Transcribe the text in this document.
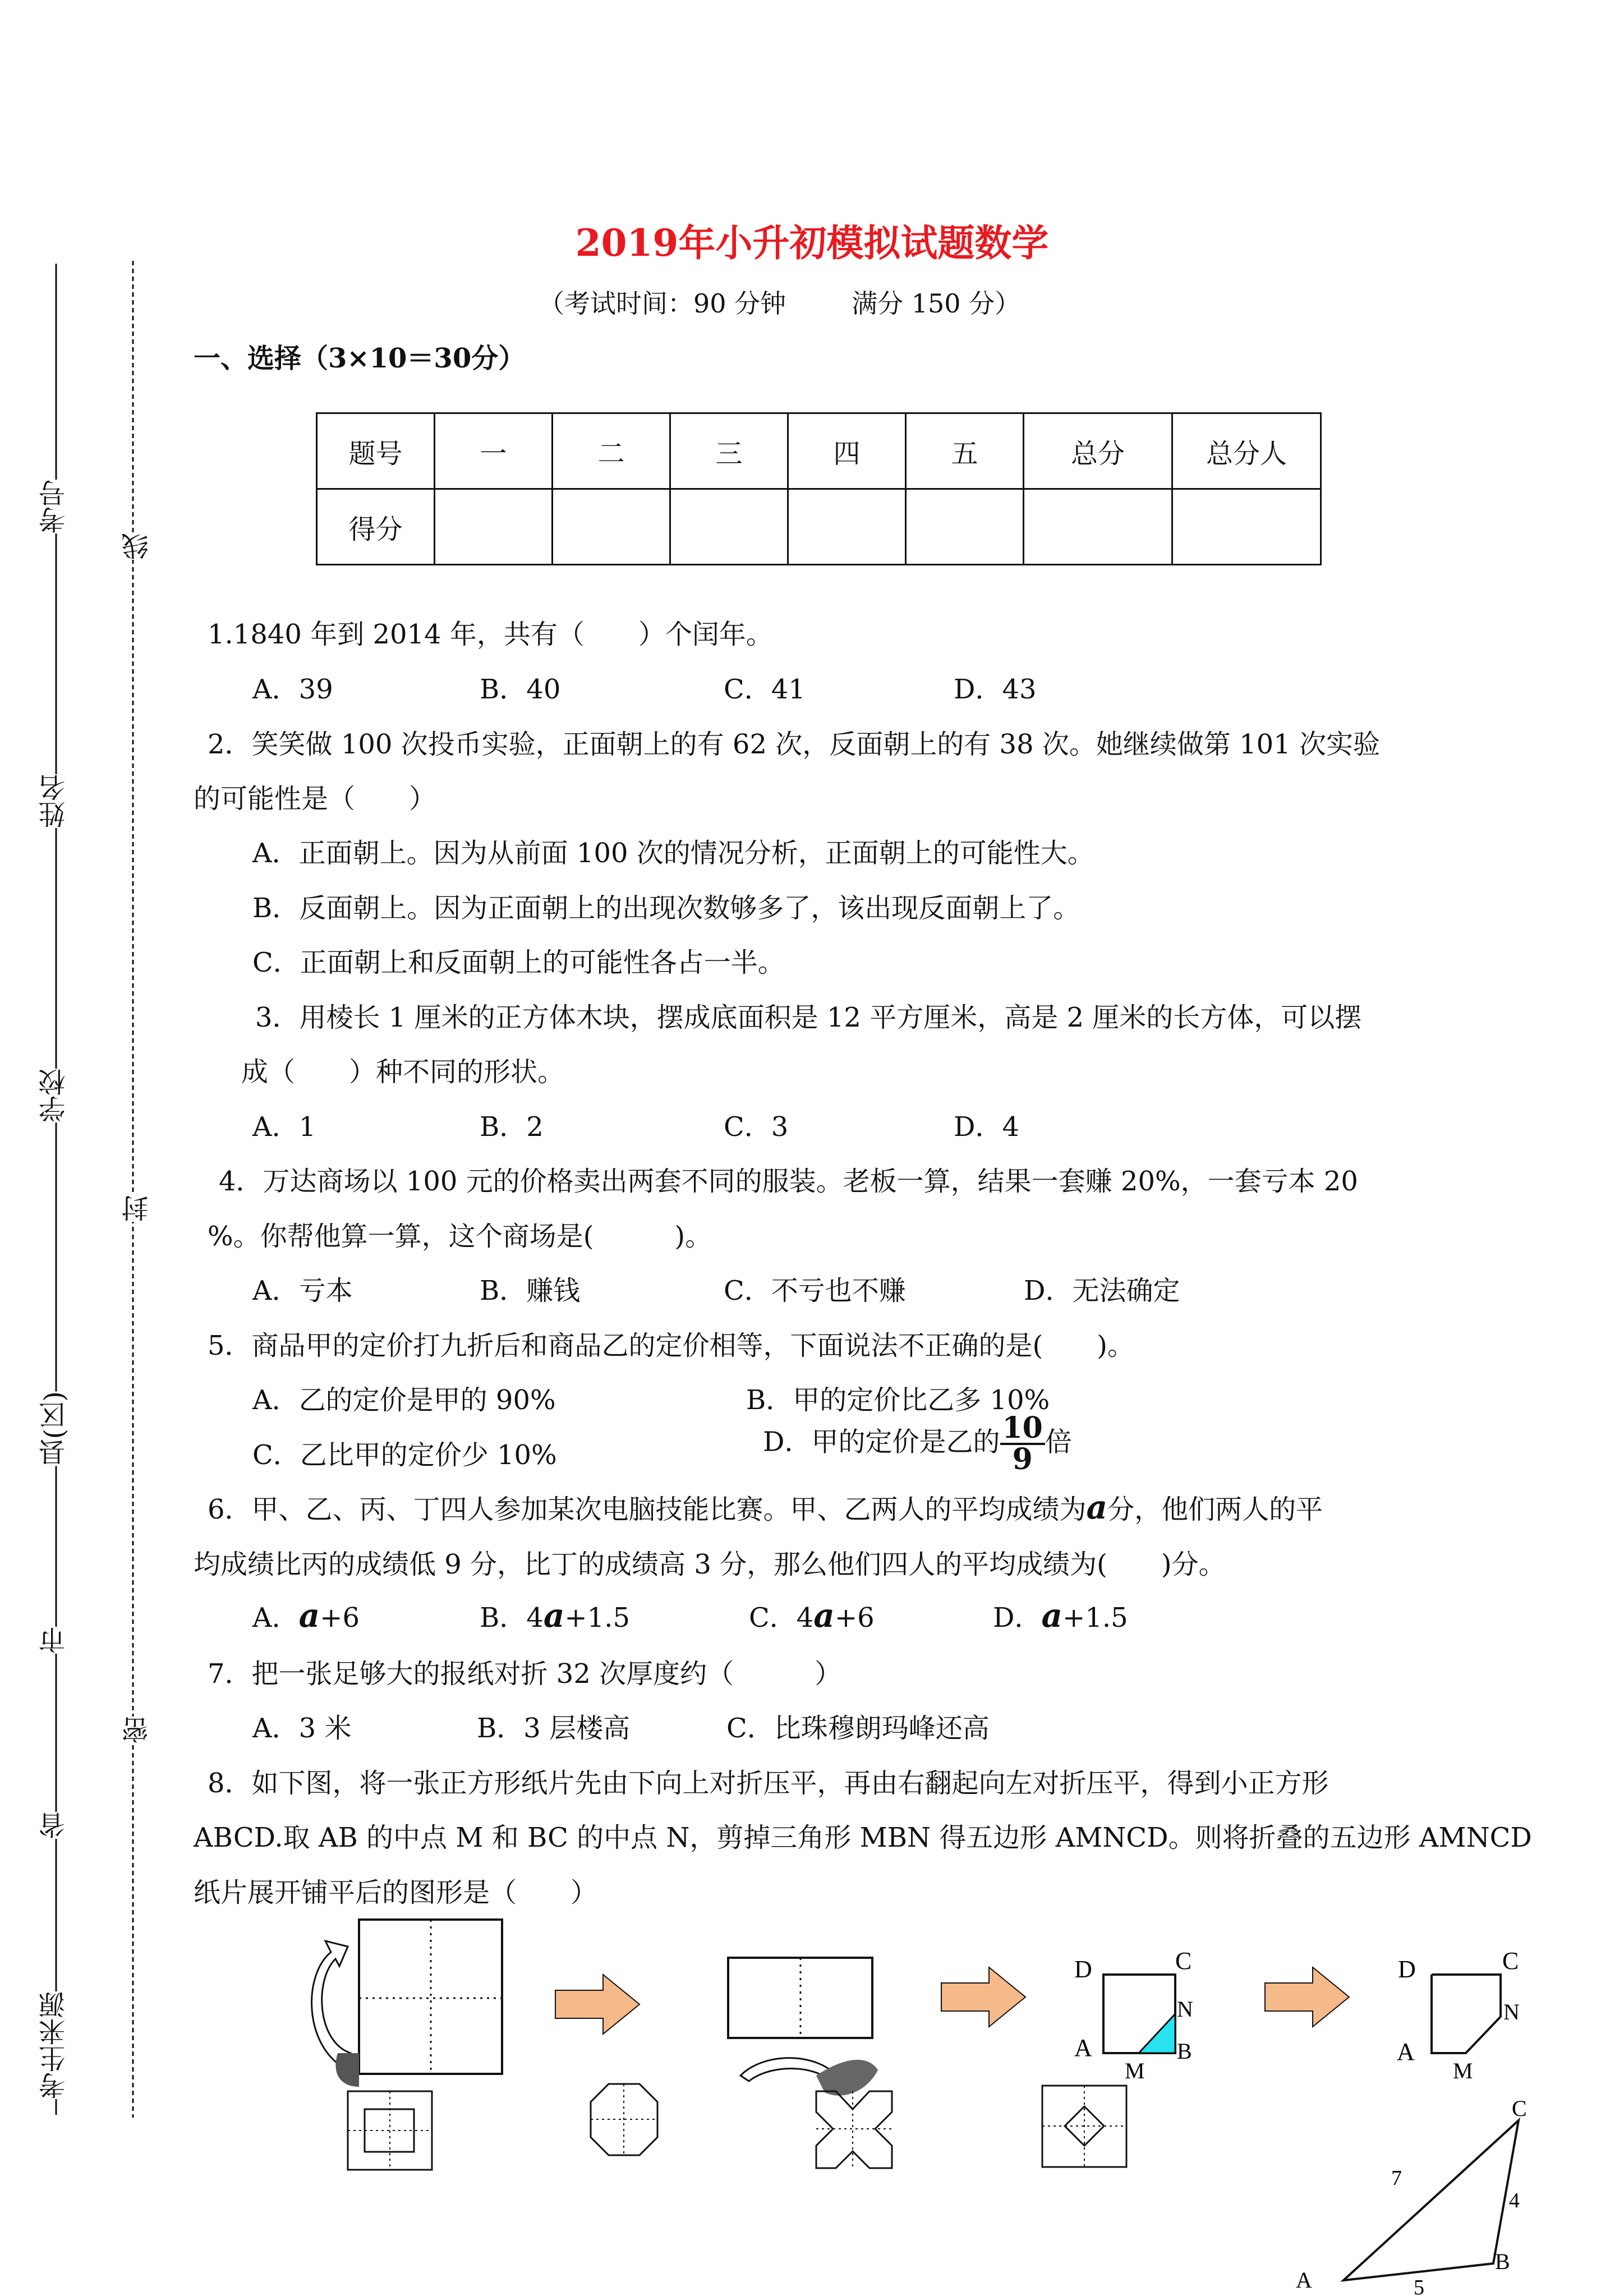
2019年小升初模拟试题数学
（考试时间：90 分钟        满分 150 分）
一、选择（3×10＝30分）
题号	一	二	三	四	五	总分	总分人
得分							
考号
姓名
学校
县(区)
市
省
考生来源
线
封
密
1.1840 年到 2014 年，共有（　　）个闰年。
A．39	B．40	C．41	D．43
2．笑笑做 100 次投币实验，正面朝上的有 62 次，反面朝上的有 38 次。她继续做第 101 次实验
的可能性是（　　）
A．正面朝上。因为从前面 100 次的情况分析，正面朝上的可能性大。
B．反面朝上。因为正面朝上的出现次数够多了，该出现反面朝上了。
C．正面朝上和反面朝上的可能性各占一半。
3．用棱长 1 厘米的正方体木块，摆成底面积是 12 平方厘米，高是 2 厘米的长方体，可以摆
成（　　）种不同的形状。
A．1	B．2	C．3	D．4
4．万达商场以 100 元的价格卖出两套不同的服装。老板一算，结果一套赚 20%，一套亏本 20
%。你帮他算一算，这个商场是(　　　)。
A．亏本	B．赚钱	C．不亏也不赚	D．无法确定
5．商品甲的定价打九折后和商品乙的定价相等，下面说法不正确的是(　　)。
A．乙的定价是甲的 90%	B．甲的定价比乙多 10%
C．乙比甲的定价少 10%	D．甲的定价是乙的 $\frac{10}{9}$ 倍
6．甲、乙、丙、丁四人参加某次电脑技能比赛。甲、乙两人的平均成绩为a分，他们两人的平
均成绩比丙的成绩低 9 分，比丁的成绩高 3 分，那么他们四人的平均成绩为(　　)分。
A．a+6	B．4a+1.5	C．4a+6	D．a+1.5
7．把一张足够大的报纸对折 32 次厚度约（　　　）
A．3 米	B．3 层楼高	C．比珠穆朗玛峰还高
8．如下图，将一张正方形纸片先由下向上对折压平，再由右翻起向左对折压平，得到小正方形
ABCD.取 AB 的中点 M 和 BC 的中点 N，剪掉三角形 MBN 得五边形 AMNCD。则将折叠的五边形 AMNCD
纸片展开铺平后的图形是（　　）
D	C
N
A	B
M
D	C
N
A
M
C
B
A
7
4
5
